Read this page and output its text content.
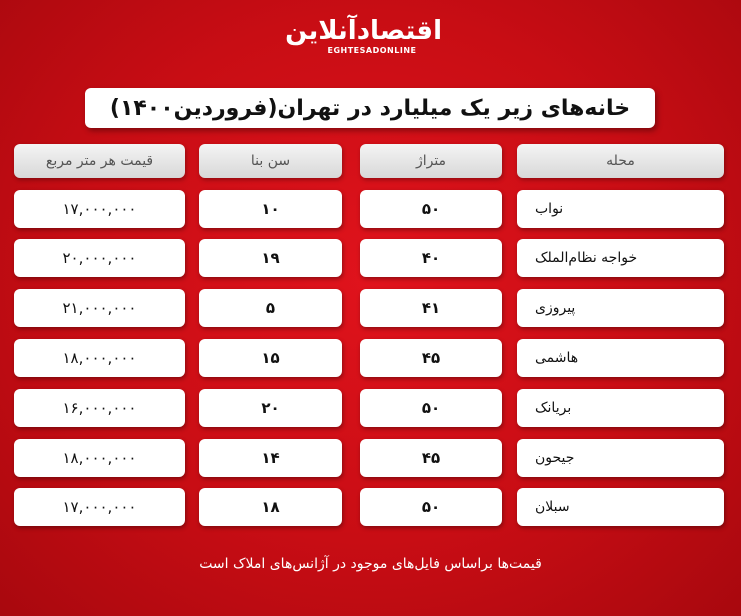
اقتصادآنلاین
EGHTESADONLINE
خانه‌های زیر یک میلیارد در تهران(فروردین۱۴۰۰)
محله
متراژ
سن بنا
قیمت هر متر مربع
نواب
۵۰
۱۰
۱۷,۰۰۰,۰۰۰
خواجه نظام‌الملک
۴۰
۱۹
۲۰,۰۰۰,۰۰۰
پیروزی
۴۱
۵
۲۱,۰۰۰,۰۰۰
هاشمی
۴۵
۱۵
۱۸,۰۰۰,۰۰۰
بریانک
۵۰
۲۰
۱۶,۰۰۰,۰۰۰
جیحون
۴۵
۱۴
۱۸,۰۰۰,۰۰۰
سبلان
۵۰
۱۸
۱۷,۰۰۰,۰۰۰
قیمت‌ها براساس فایل‌های موجود در آژانس‌های املاک است
